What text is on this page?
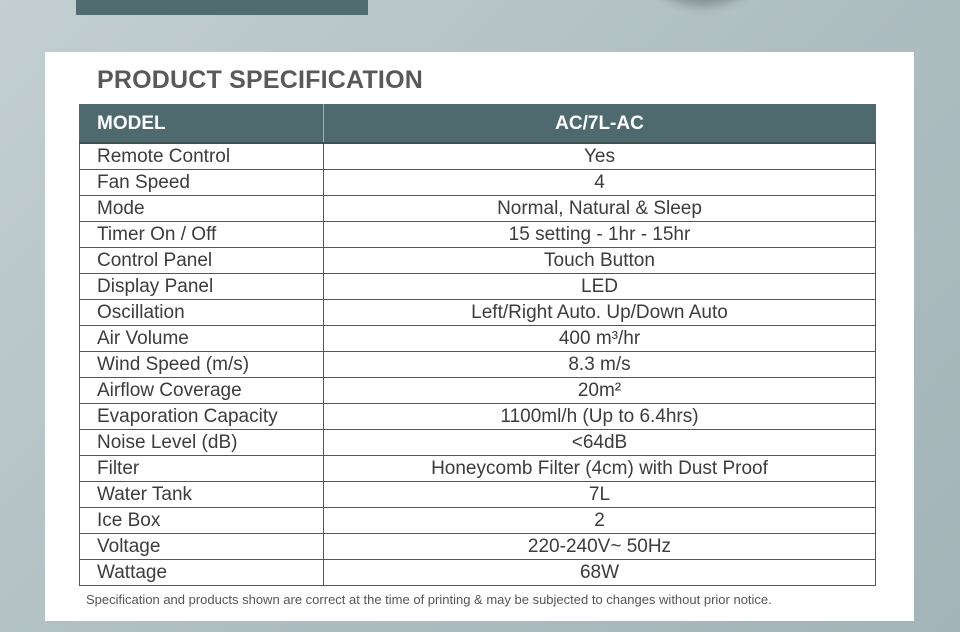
PRODUCT SPECIFICATION
MODEL	AC/7L-AC
Remote Control	Yes
Fan Speed	4
Mode	Normal, Natural & Sleep
Timer On / Off	15 setting - 1hr - 15hr
Control Panel	Touch Button
Display Panel	LED
Oscillation	Left/Right Auto. Up/Down Auto
Air Volume	400 m³/hr
Wind Speed (m/s)	8.3 m/s
Airflow Coverage	20m²
Evaporation Capacity	1100ml/h (Up to 6.4hrs)
Noise Level (dB)	<64dB
Filter	Honeycomb Filter (4cm) with Dust Proof
Water Tank	7L
Ice Box	2
Voltage	220-240V~ 50Hz
Wattage	68W

Specification and products shown are correct at the time of printing & may be subjected to changes without prior notice.
